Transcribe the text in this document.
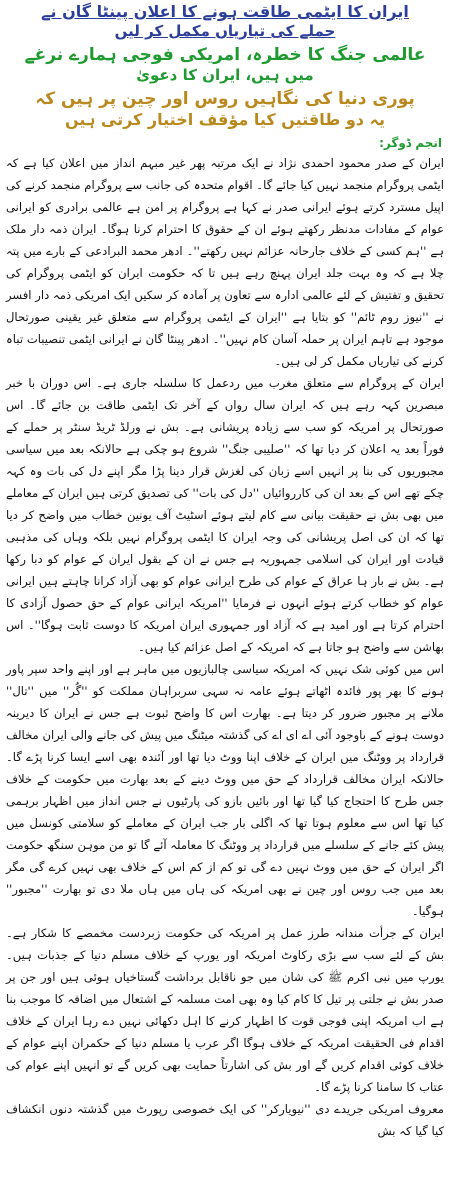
ایران کا ایٹمی طاقت ہونے کا اعلان پینٹا گان نے

حملے کی تیاریاں مکمل کر لیں

عالمی جنگ کا خطرہ، امریکی فوجی ہمارے نرغے

میں ہیں، ایران کا دعویٰ

پوری دنیا کی نگاہیں روس اور چین پر ہیں کہ

یہ دو طاقتیں کیا مؤقف اختیار کرتی ہیں

انجم ڈوگر:

ایران کے صدر محمود احمدی نژاد نے ایک مرتبہ پھر غیر مبہم انداز میں اعلان کیا ہے کہ ایٹمی پروگرام منجمد نہیں کیا جائے گا۔ اقوام متحدہ کی جانب سے پروگرام منجمد کرنے کی اپیل مسترد کرتے ہوئے ایرانی صدر نے کہا ہے پروگرام پر امن ہے عالمی برادری کو ایرانی عوام کے مفادات مدنظر رکھتے ہوئے ان کے حقوق کا احترام کرنا ہوگا۔ ایران ذمہ دار ملک ہے ''ہم کسی کے خلاف جارحانہ عزائم نہیں رکھتے''۔ ادھر محمد البرادعی کے بارے میں پتہ چلا ہے کہ وہ بہت جلد ایران پہنچ رہے ہیں تا کہ حکومت ایران کو ایٹمی پروگرام کی تحقیق و تفتیش کے لئے عالمی ادارہ سے تعاون پر آمادہ کر سکیں ایک امریکی ذمہ دار افسر نے ''نیوز روم ٹائم'' کو بتایا ہے ''ایران کے ایٹمی پروگرام سے متعلق غیر یقینی صورتحال موجود ہے تاہم ایران پر حملہ آسان کام نہیں''۔ ادھر پینٹا گان نے ایرانی ایٹمی تنصیبات تباہ کرنے کی تیاریاں مکمل کر لی ہیں۔

ایران کے پروگرام سے متعلق مغرب میں ردعمل کا سلسلہ جاری ہے۔ اس دوران با خبر مبصرین کہہ رہے ہیں کہ ایران سال رواں کے آخر تک ایٹمی طاقت بن جائے گا۔ اس صورتحال پر امریکہ کو سب سے زیادہ پریشانی ہے۔ بش نے ورلڈ ٹریڈ سنٹر پر حملے کے فوراً بعد یہ اعلان کر دیا تھا کہ ''صلیبی جنگ'' شروع ہو چکی ہے حالانکہ بعد میں سیاسی مجبوریوں کی بنا پر انہیں اسے زبان کی لغزش قرار دینا پڑا مگر اپنے دل کی بات وہ کہہ چکے تھے اس کے بعد ان کی کارروائیاں ''دل کی بات'' کی تصدیق کرتی ہیں ایران کے معاملے میں بھی بش نے حقیقت بیانی سے کام لیتے ہوئے اسٹیٹ آف یونین خطاب میں واضح کر دیا تھا کہ ان کی اصل پریشانی کی وجہ ایران کا ایٹمی پروگرام نہیں بلکہ وہاں کی مذہبی قیادت اور ایران کی اسلامی جمہوریہ ہے جس نے ان کے بقول ایران کے عوام کو دبا رکھا ہے۔ بش نے بار ہا عراق کے عوام کی طرح ایرانی عوام کو بھی آزاد کرانا چاہتے ہیں ایرانی عوام کو خطاب کرتے ہوئے انہوں نے فرمایا ''امریکہ ایرانی عوام کے حق حصول آزادی کا احترام کرتا ہے اور امید ہے کہ آزاد اور جمہوری ایران امریکہ کا دوست ثابت ہوگا''۔ اس بھاشن سے واضح ہو جاتا ہے کہ امریکہ کے اصل عزائم کیا ہیں۔

اس میں کوئی شک نہیں کہ امریکہ سیاسی چالبازیوں میں ماہر ہے اور اپنے واحد سپر پاور ہونے کا بھر پور فائدہ اٹھاتے ہوئے عامہ نہ سہی سربراہان مملکت کو ''گُر'' میں ''تال'' ملانے پر مجبور ضرور کر دیتا ہے۔ بھارت اس کا واضح ثبوت ہے جس نے ایران کا دیرینہ دوست ہونے کے باوجود آئی اے ای اے کی گذشتہ میٹنگ میں پیش کی جانے والی ایران مخالف قرارداد پر ووٹنگ میں ایران کے خلاف اپنا ووٹ دیا تھا اور آئندہ بھی اسے ایسا کرنا پڑے گا۔ حالانکہ ایران مخالف قرارداد کے حق میں ووٹ دینے کے بعد بھارت میں حکومت کے خلاف جس طرح کا احتجاج کیا گیا تھا اور بائیں بازو کی پارٹیوں نے جس انداز میں اظہار برہمی کیا تھا اس سے معلوم ہوتا تھا کہ اگلی بار جب ایران کے معاملے کو سلامتی کونسل میں پیش کئے جانے کے سلسلے میں قرارداد پر ووٹنگ کا معاملہ آئے گا تو من موہن سنگھ حکومت اگر ایران کے حق میں ووٹ نہیں دے گی تو کم از کم اس کے خلاف بھی نہیں کرے گی مگر بعد میں جب روس اور چین نے بھی امریکہ کی ہاں میں ہاں ملا دی تو بھارت ''مجبور'' ہوگیا۔

ایران کے جرأت مندانہ طرز عمل پر امریکہ کی حکومت زبردست مخمصے کا شکار ہے۔ بش کے لئے سب سے بڑی رکاوٹ امریکہ اور یورپ کے خلاف مسلم دنیا کے جذبات ہیں۔ یورپ میں نبی اکرم ﷺ کی شان میں جو ناقابل برداشت گستاخیاں ہوئی ہیں اور جن پر صدر بش نے جلتی پر تیل کا کام کیا وہ بھی امت مسلمہ کے اشتعال میں اضافہ کا موجب بنا ہے اب امریکہ اپنی فوجی قوت کا اظہار کرنے کا اہل دکھائی نہیں دے رہا ایران کے خلاف اقدام فی الحقیقت امریکہ کے خلاف ہوگا اگر عرب یا مسلم دنیا کے حکمران اپنے عوام کے خلاف کوئی اقدام کریں گے اور بش کی اشارتاً حمایت بھی کریں گے تو انہیں اپنے عوام کی عتاب کا سامنا کرنا پڑے گا۔

معروف امریکی جریدے دی ''نیویارکر'' کی ایک خصوصی رپورٹ میں گذشتہ دنوں انکشاف کیا گیا کہ بش
